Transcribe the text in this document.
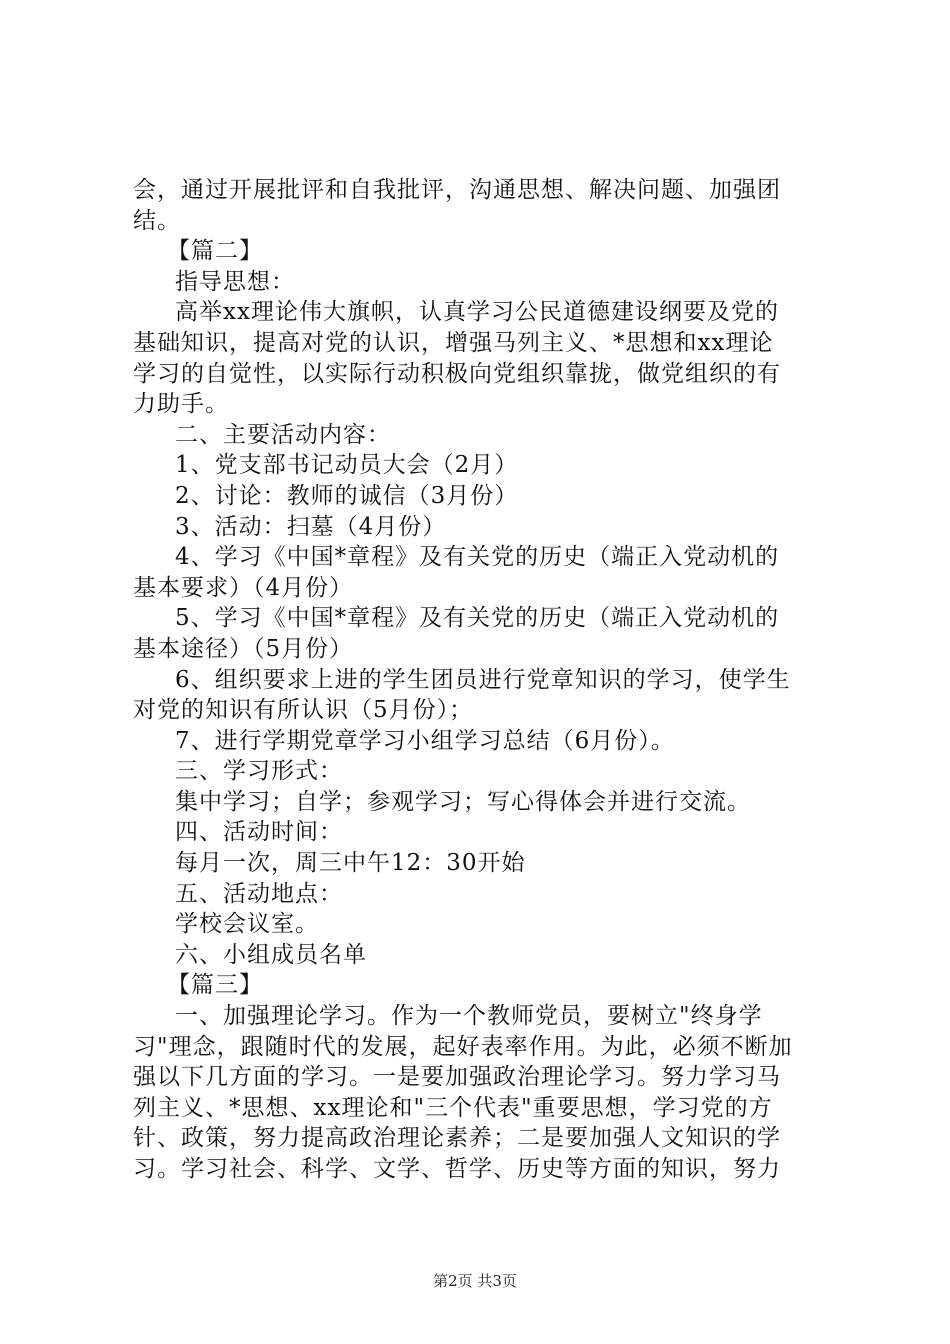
会，通过开展批评和自我批评，沟通思想、解决问题、加强团
结。
【篇二】
指导思想：
高举xx理论伟大旗帜，认真学习公民道德建设纲要及党的
基础知识，提高对党的认识，增强马列主义、*思想和xx理论
学习的自觉性，以实际行动积极向党组织靠拢，做党组织的有
力助手。
二、主要活动内容：
1、党支部书记动员大会（2月）
2、讨论：教师的诚信（3月份）
3、活动：扫墓（4月份）
4、学习《中国*章程》及有关党的历史（端正入党动机的
基本要求）（4月份）
5、学习《中国*章程》及有关党的历史（端正入党动机的
基本途径）（5月份）
6、组织要求上进的学生团员进行党章知识的学习，使学生
对党的知识有所认识（5月份）；
7、进行学期党章学习小组学习总结（6月份）。
三、学习形式：
集中学习；自学；参观学习；写心得体会并进行交流。
四、活动时间：
每月一次，周三中午12：30开始
五、活动地点：
学校会议室。
六、小组成员名单
【篇三】
一、加强理论学习。作为一个教师党员，要树立"终身学
习"理念，跟随时代的发展，起好表率作用。为此，必须不断加
强以下几方面的学习。一是要加强政治理论学习。努力学习马
列主义、*思想、xx理论和"三个代表"重要思想，学习党的方
针、政策，努力提高政治理论素养；二是要加强人文知识的学
习。学习社会、科学、文学、哲学、历史等方面的知识，努力
第2页 共3页
